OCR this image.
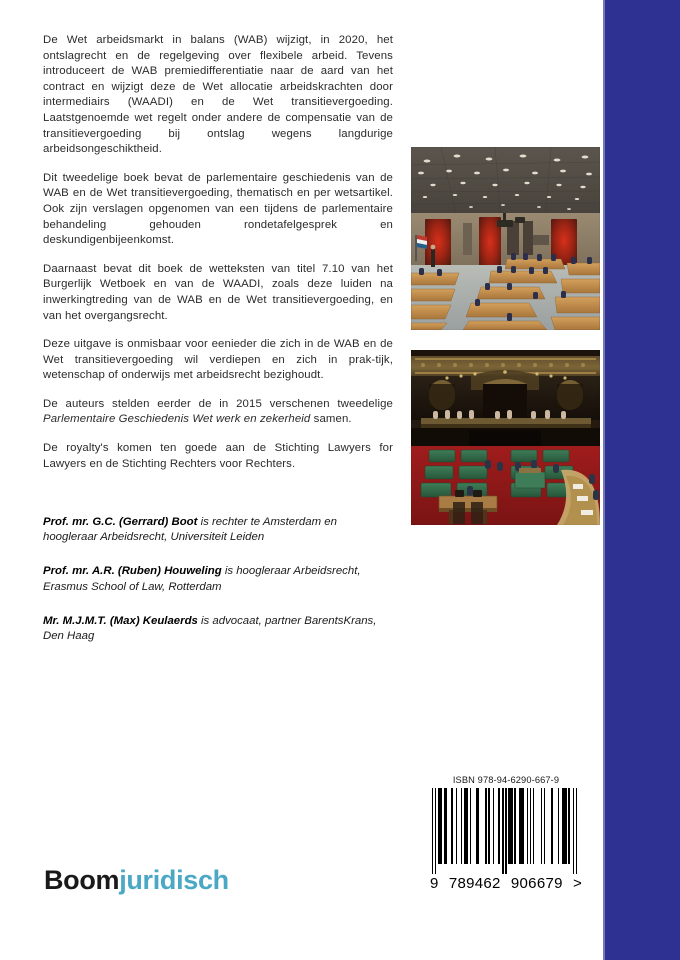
De Wet arbeidsmarkt in balans (WAB) wijzigt, in 2020, het ontslagrecht en de regelgeving over flexibele arbeid. Tevens introduceert de WAB premiedifferentiatie naar de aard van het contract en wijzigt deze de Wet allocatie arbeidskrachten door intermediairs (WAADI) en de Wet transitievergoeding. Laatstgenoemde wet regelt onder andere de compensatie van de transitievergoeding bij ontslag wegens langdurige arbeidsongeschiktheid.

Dit tweedelige boek bevat de parlementaire geschiedenis van de WAB en de Wet transitievergoeding, thematisch en per wetsartikel. Ook zijn verslagen opgenomen van een tijdens de parlementaire behandeling gehouden rondetafelgesprek en deskundigenbijeenkomst.

Daarnaast bevat dit boek de wetteksten van titel 7.10 van het Burgerlijk Wetboek en van de WAADI, zoals deze luiden na inwerkingtreding van de WAB en de Wet transitievergoeding, en van het overgangsrecht.

Deze uitgave is onmisbaar voor eenieder die zich in de WAB en de Wet transitievergoeding wil verdiepen en zich in prak-tijk, wetenschap of onderwijs met arbeidsrecht bezighoudt.

De auteurs stelden eerder de in 2015 verschenen tweedelige Parlementaire Geschiedenis Wet werk en zekerheid samen.

De royalty's komen ten goede aan de Stichting Lawyers for Lawyers en de Stichting Rechters voor Rechters.

Prof. mr. G.C. (Gerrard) Boot is rechter te Amsterdam en hoogleraar Arbeidsrecht, Universiteit Leiden
Prof. mr. A.R. (Ruben) Houweling is hoogleraar Arbeidsrecht, Erasmus School of Law, Rotterdam
Mr. M.J.M.T. (Max) Keulaerds is advocaat, partner BarentsKrans, Den Haag
ISBN 978-94-6290-667-9
9 789462 906679 >
Boomjuridisch
